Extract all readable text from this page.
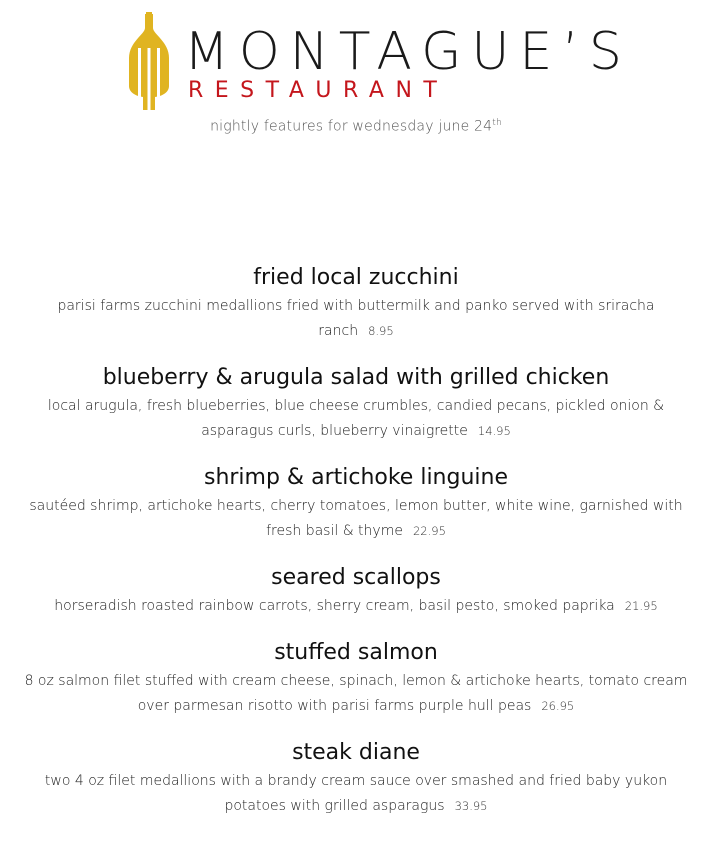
MONTAGUE’S
RESTAURANT
nightly features for wednesday june 24th
fried local zucchini
parisi farms zucchini medallions fried with buttermilk and panko served with sriracha ranch 8.95
blueberry & arugula salad with grilled chicken
local arugula, fresh blueberries, blue cheese crumbles, candied pecans, pickled onion & asparagus curls, blueberry vinaigrette 14.95
shrimp & artichoke linguine
sautéed shrimp, artichoke hearts, cherry tomatoes, lemon butter, white wine, garnished with fresh basil & thyme 22.95
seared scallops
horseradish roasted rainbow carrots, sherry cream, basil pesto, smoked paprika 21.95
stuffed salmon
8 oz salmon filet stuffed with cream cheese, spinach, lemon & artichoke hearts, tomato cream over parmesan risotto with parisi farms purple hull peas 26.95
steak diane
two 4 oz filet medallions with a brandy cream sauce over smashed and fried baby yukon potatoes with grilled asparagus 33.95
